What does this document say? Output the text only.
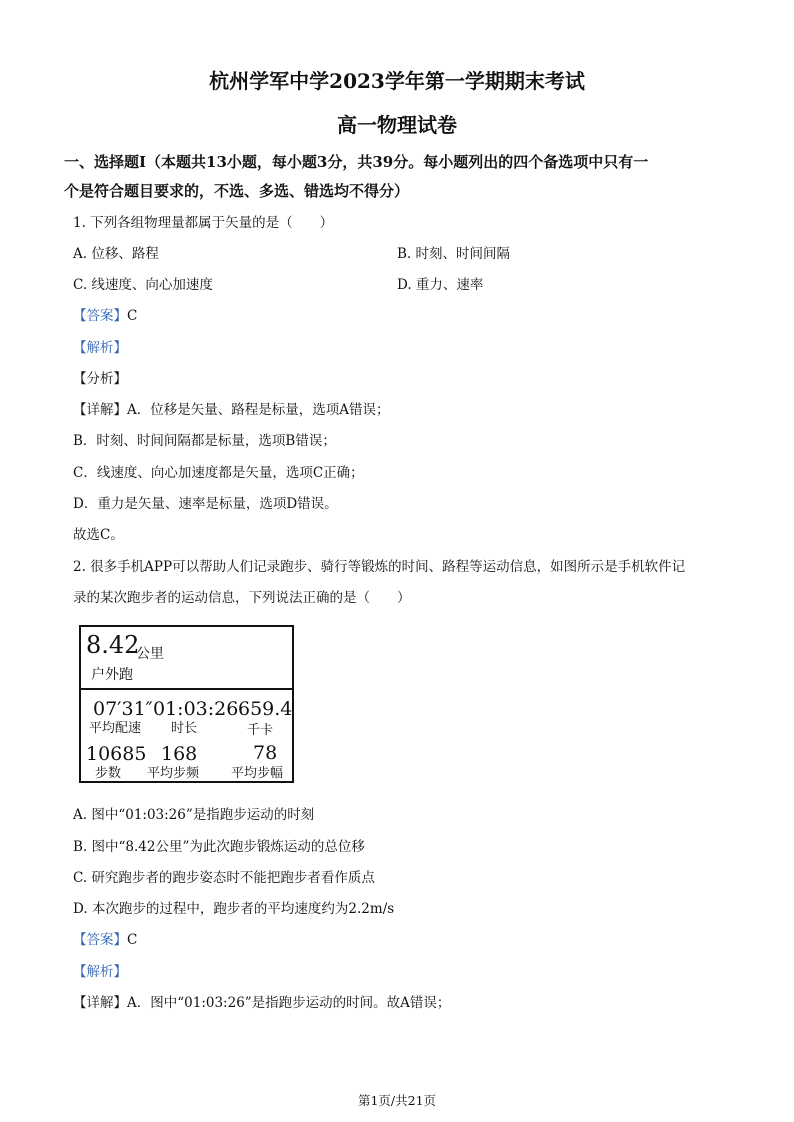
杭州学军中学2023学年第一学期期末考试
高一物理试卷
一、选择题Ⅰ（本题共13小题，每小题3分，共39分。每小题列出的四个备选项中只有一
个是符合题目要求的，不选、多选、错选均不得分）
1. 下列各组物理量都属于矢量的是（　　）
A. 位移、路程	B. 时刻、时间间隔
C. 线速度、向心加速度	D. 重力、速率
【答案】C
【解析】
【分析】
【详解】A．位移是矢量、路程是标量，选项A错误；
B．时刻、时间间隔都是标量，选项B错误；
C．线速度、向心加速度都是矢量，选项C正确；
D．重力是矢量、速率是标量，选项D错误。
故选C。
2. 很多手机APP可以帮助人们记录跑步、骑行等锻炼的时间、路程等运动信息，如图所示是手机软件记
录的某次跑步者的运动信息，下列说法正确的是（　　）
8.42
公里
户外跑
07′31″ 01:03:26 659.4
平均配速 时长	千卡
10685 168	78
步数 平均步频 平均步幅
A. 图中“01:03:26”是指跑步运动的时刻
B. 图中“8.42公里”为此次跑步锻炼运动的总位移
C. 研究跑步者的跑步姿态时不能把跑步者看作质点
D. 本次跑步的过程中，跑步者的平均速度约为2.2m/s
【答案】C
【解析】
【详解】A．图中“01:03:26”是指跑步运动的时间。故A错误；
第1页/共21页
